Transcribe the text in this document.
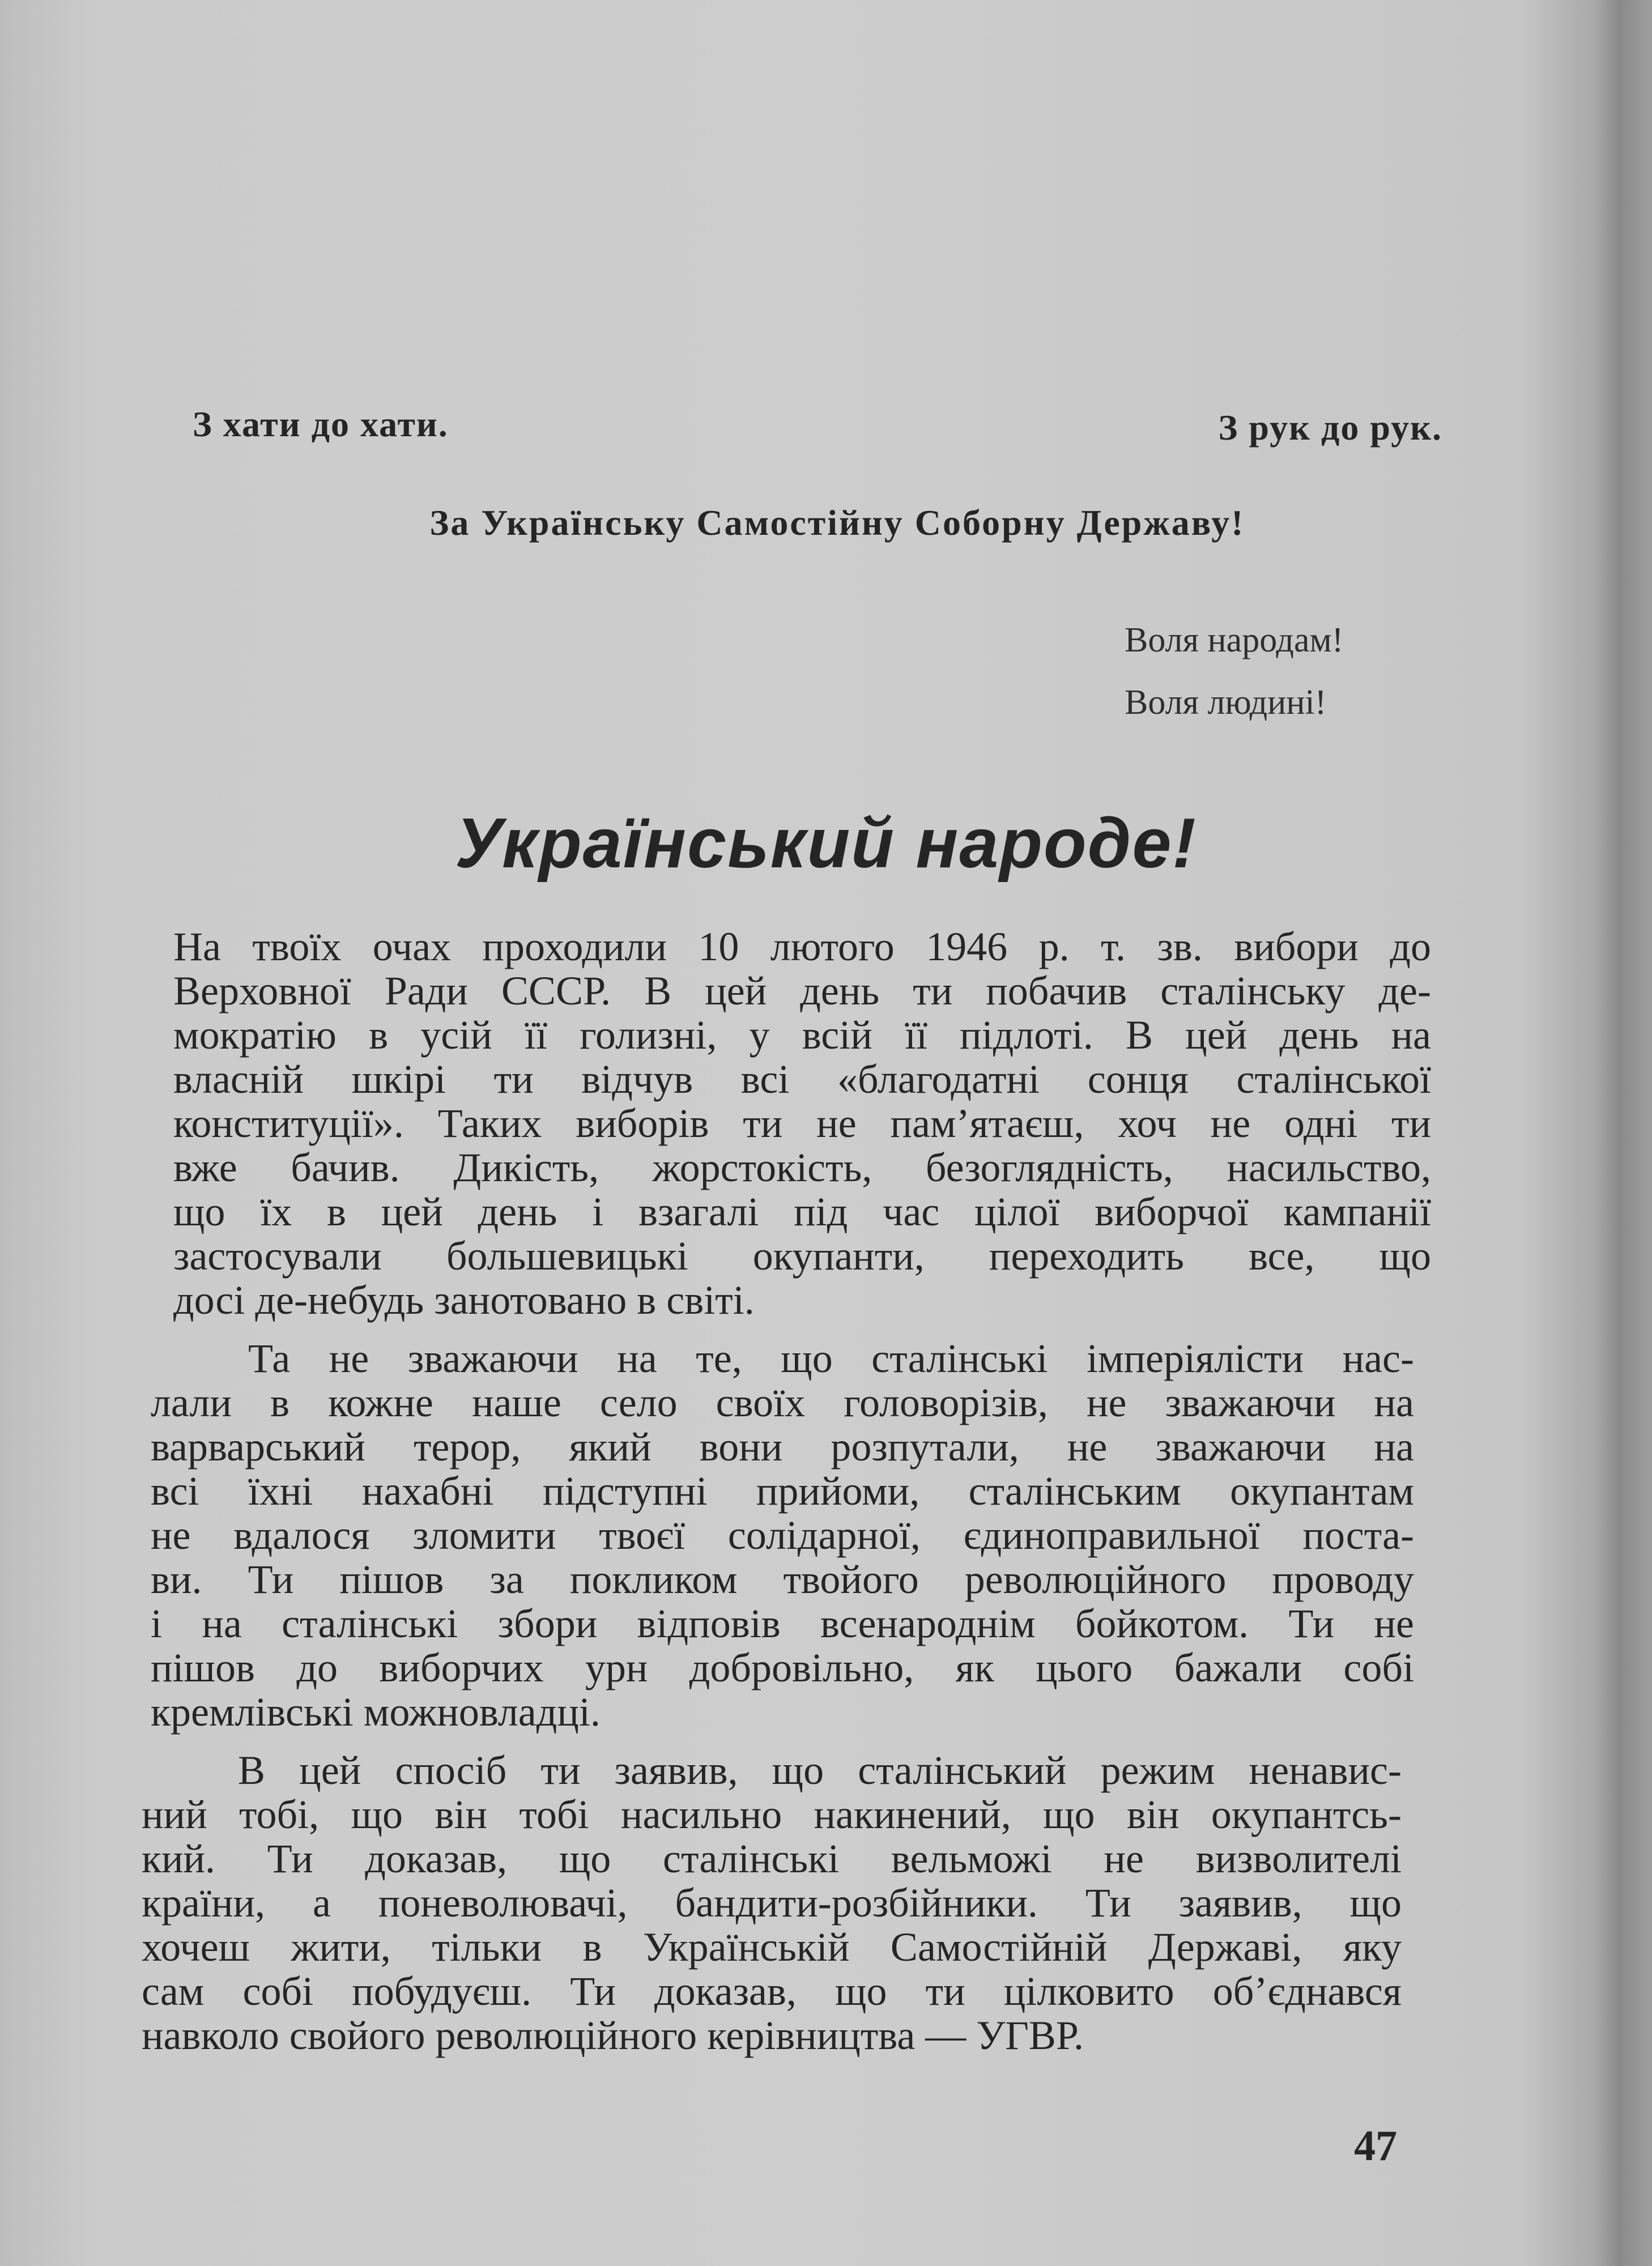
З хати до хати.	З рук до рук.
За Українську Самостійну Соборну Державу!
Воля народам!
Воля людині!
Український народе!
На твоїх очах проходили 10 лютого 1946 р. т. зв. вибори до
Верховної Ради СССР. В цей день ти побачив сталінську де-
мократію в усій її голизні, у всій її підлоті. В цей день на
власній шкірі ти відчув всі «благодатні сонця сталінської
конституції». Таких виборів ти не пам’ятаєш, хоч не одні ти
вже бачив. Дикість, жорстокість, безоглядність, насильство,
що їх в цей день і взагалі під час цілої виборчої кампанії
застосували большевицькі окупанти, переходить все, що
досі де-небудь занотовано в світі.
Та не зважаючи на те, що сталінські імперіялісти нас-
лали в кожне наше село своїх головорізів, не зважаючи на
варварський терор, який вони розпутали, не зважаючи на
всі їхні нахабні підступні прийоми, сталінським окупантам
не вдалося зломити твоєї солідарної, єдиноправильної поста-
ви. Ти пішов за покликом твойого революційного проводу
і на сталінські збори відповів всенароднім бойкотом. Ти не
пішов до виборчих урн добровільно, як цього бажали собі
кремлівські можновладці.
В цей спосіб ти заявив, що сталінський режим ненавис-
ний тобі, що він тобі насильно накинений, що він окупантсь-
кий. Ти доказав, що сталінські вельможі не визволителі
країни, а поневолювачі, бандити-розбійники. Ти заявив, що
хочеш жити, тільки в Українській Самостійній Державі, яку
сам собі побудуєш. Ти доказав, що ти цілковито об’єднався
навколо свойого революційного керівництва — УГВР.
47
